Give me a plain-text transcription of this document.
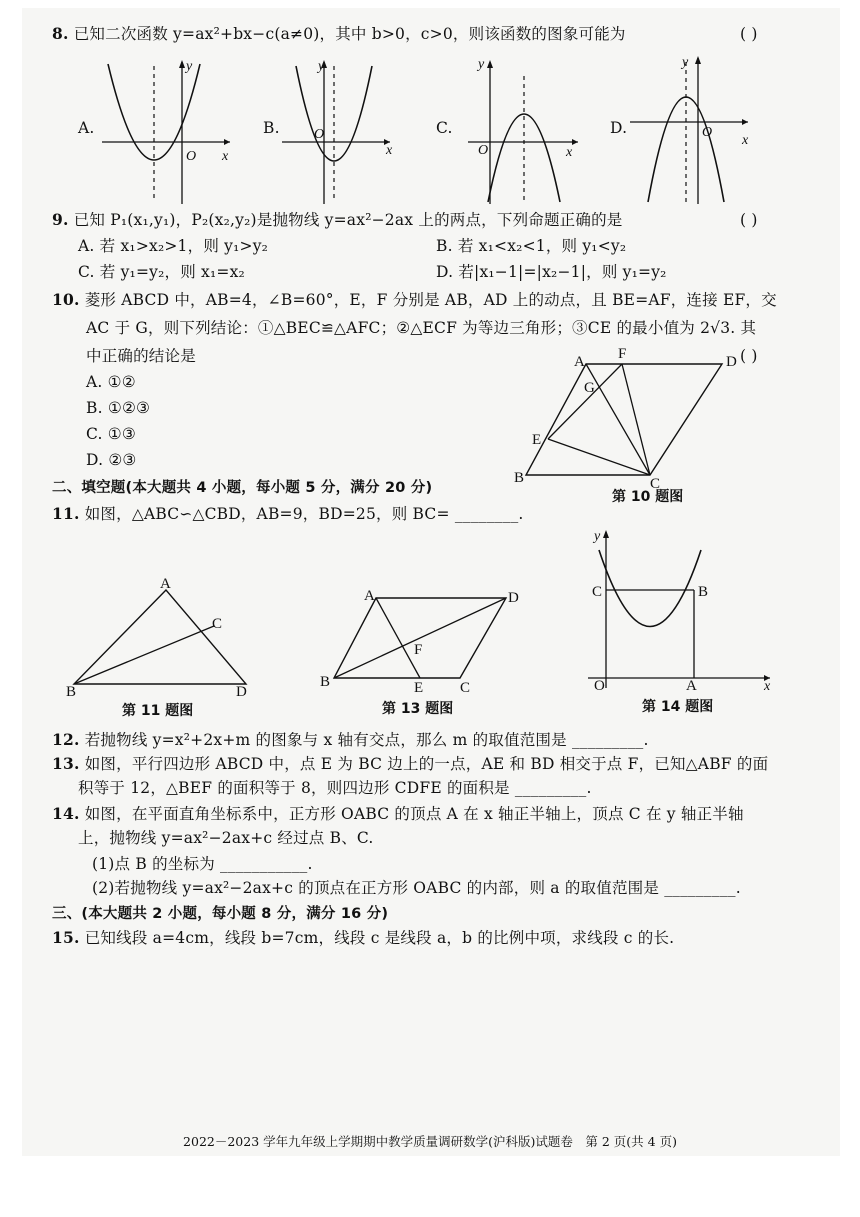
8. 已知二次函数 y=ax²+bx−c(a≠0)，其中 b>0，c>0，则该函数的图象可能为	( )
A.
y
x
O
B.
y
x
O	C.
y
x
O
D.
y
x
O
9. 已知 P₁(x₁,y₁)，P₂(x₂,y₂)是抛物线 y=ax²−2ax 上的两点，下列命题正确的是	( )
A. 若 x₁>x₂>1，则 y₁>y₂	B. 若 x₁<x₂<1，则 y₁<y₂
C. 若 y₁=y₂，则 x₁=x₂	D. 若|x₁−1|=|x₂−1|，则 y₁=y₂
10. 菱形 ABCD 中，AB=4，∠B=60°，E，F 分别是 AB，AD 上的动点，且 BE=AF，连接 EF，交
AC 于 G，则下列结论：①△BEC≌△AFC；②△ECF 为等边三角形；③CE 的最小值为 2√3. 其
中正确的结论是	( )
A. ①②
B. ①②③
C. ①③
D. ②③
A F	D
G
E
B	C
第 10 题图
二、填空题(本大题共 4 小题，每小题 5 分，满分 20 分)
11. 如图，△ABC∽△CBD，AB=9，BD=25，则 BC= ________.
A
B
C
D
第 11 题图
A	D
F
B	E C
第 13 题图
y
x
C	B
O	A
第 14 题图
12. 若抛物线 y=x²+2x+m 的图象与 x 轴有交点，那么 m 的取值范围是 _________.
13. 如图，平行四边形 ABCD 中，点 E 为 BC 边上的一点，AE 和 BD 相交于点 F，已知△ABF 的面
积等于 12，△BEF 的面积等于 8，则四边形 CDFE 的面积是 _________.
14. 如图，在平面直角坐标系中，正方形 OABC 的顶点 A 在 x 轴正半轴上，顶点 C 在 y 轴正半轴
上，抛物线 y=ax²−2ax+c 经过点 B、C.
(1)点 B 的坐标为 ___________.
(2)若抛物线 y=ax²−2ax+c 的顶点在正方形 OABC 的内部，则 a 的取值范围是 _________.
三、(本大题共 2 小题，每小题 8 分，满分 16 分)
15. 已知线段 a=4cm，线段 b=7cm，线段 c 是线段 a，b 的比例中项，求线段 c 的长.
2022－2023 学年九年级上学期期中教学质量调研数学(沪科版)试题卷　第 2 页(共 4 页)
